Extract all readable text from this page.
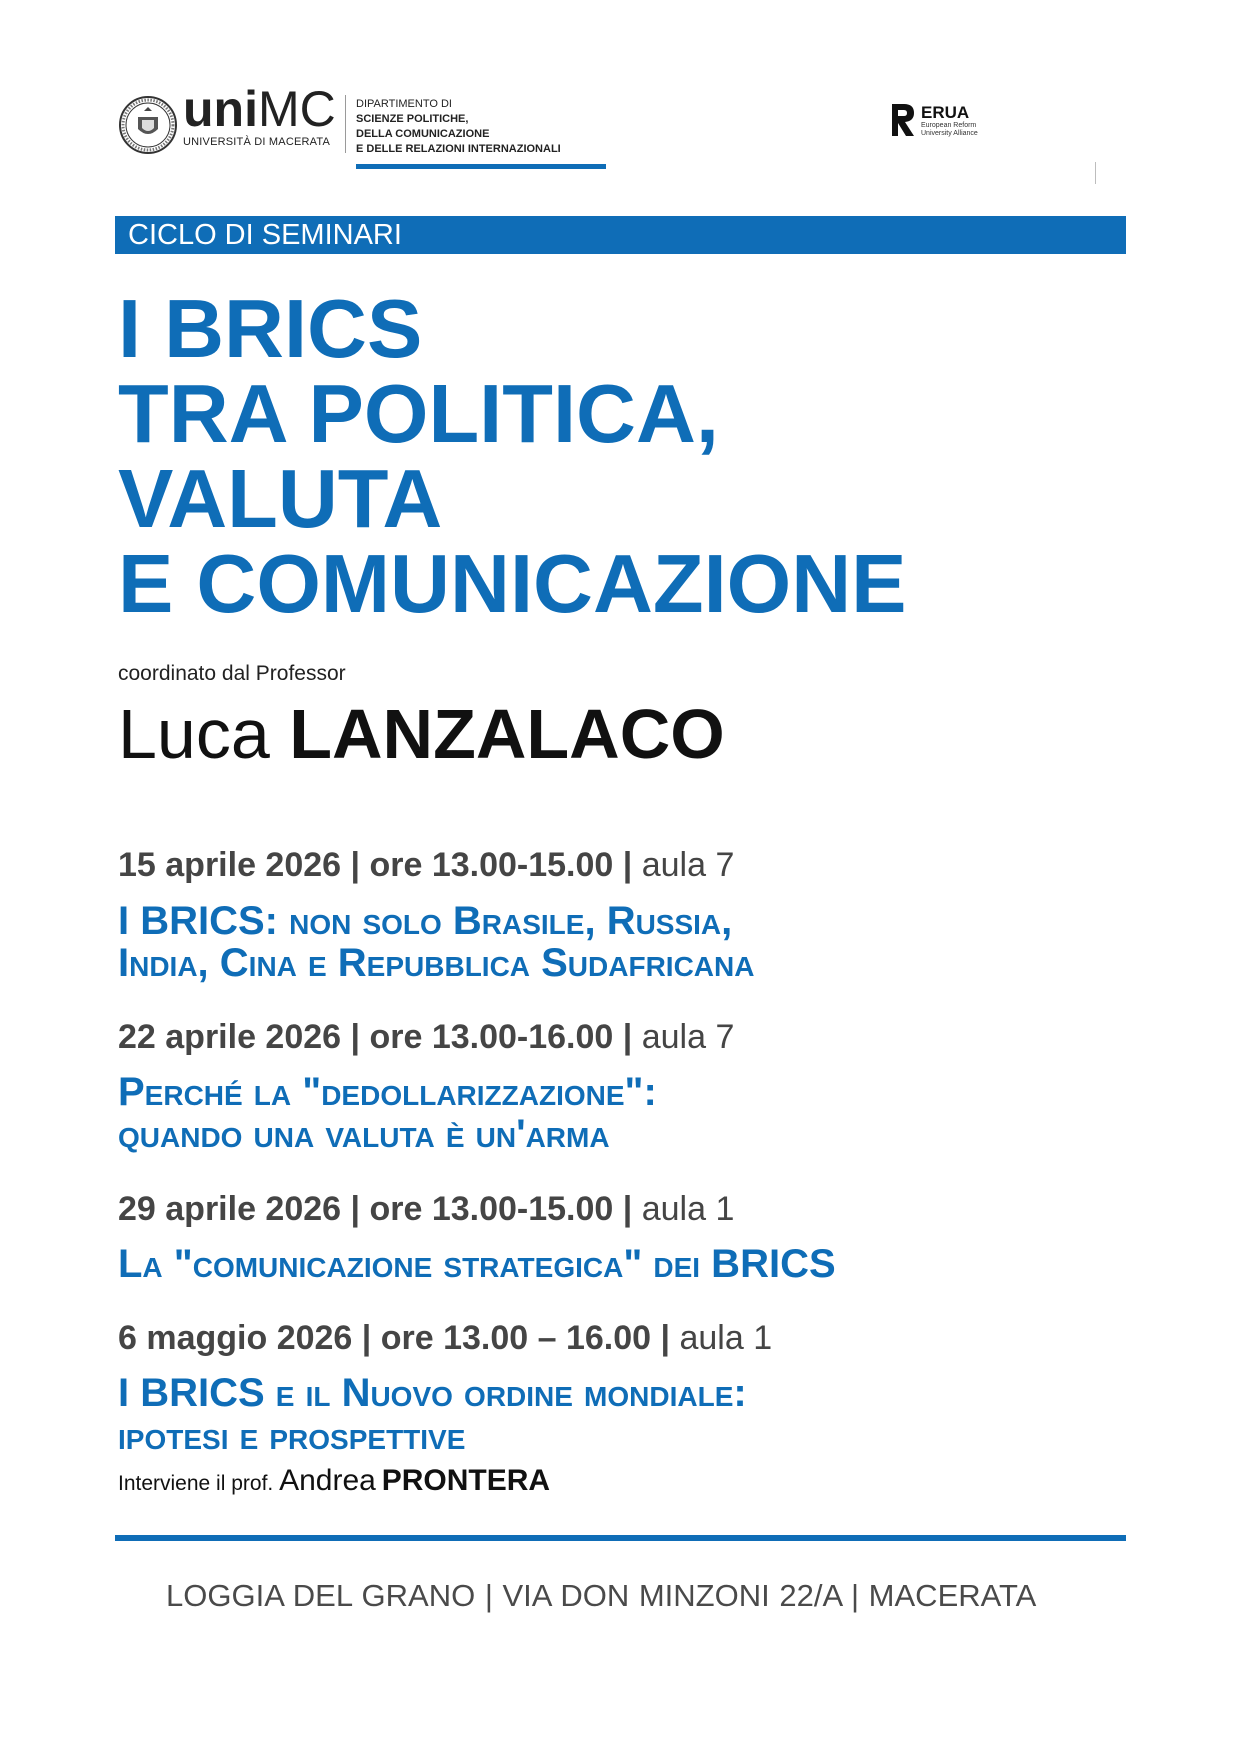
uniMC
UNIVERSITÀ DI MACERATA
DIPARTIMENTO DI
SCIENZE POLITICHE,
DELLA COMUNICAZIONE
E DELLE RELAZIONI INTERNAZIONALI
ERUA
European Reform
University Alliance
CICLO DI SEMINARI
I BRICS
TRA POLITICA,
VALUTA
E COMUNICAZIONE
coordinato dal Professor
Luca LANZALACO
15 aprile 2026 | ore 13.00-15.00 | aula 7
I BRICS: non solo Brasile, Russia,
India, Cina e Repubblica Sudafricana
22 aprile 2026 | ore 13.00-16.00 | aula 7
Perché la "dedollarizzazione":
quando una valuta è un'arma
29 aprile 2026 | ore 13.00-15.00 | aula 1
La "comunicazione strategica" dei BRICS
6 maggio 2026 | ore 13.00 – 16.00 | aula 1
I BRICS e il Nuovo ordine mondiale:
ipotesi e prospettive
Interviene il prof. Andrea PRONTERA
LOGGIA DEL GRANO | VIA DON MINZONI 22/A | MACERATA
